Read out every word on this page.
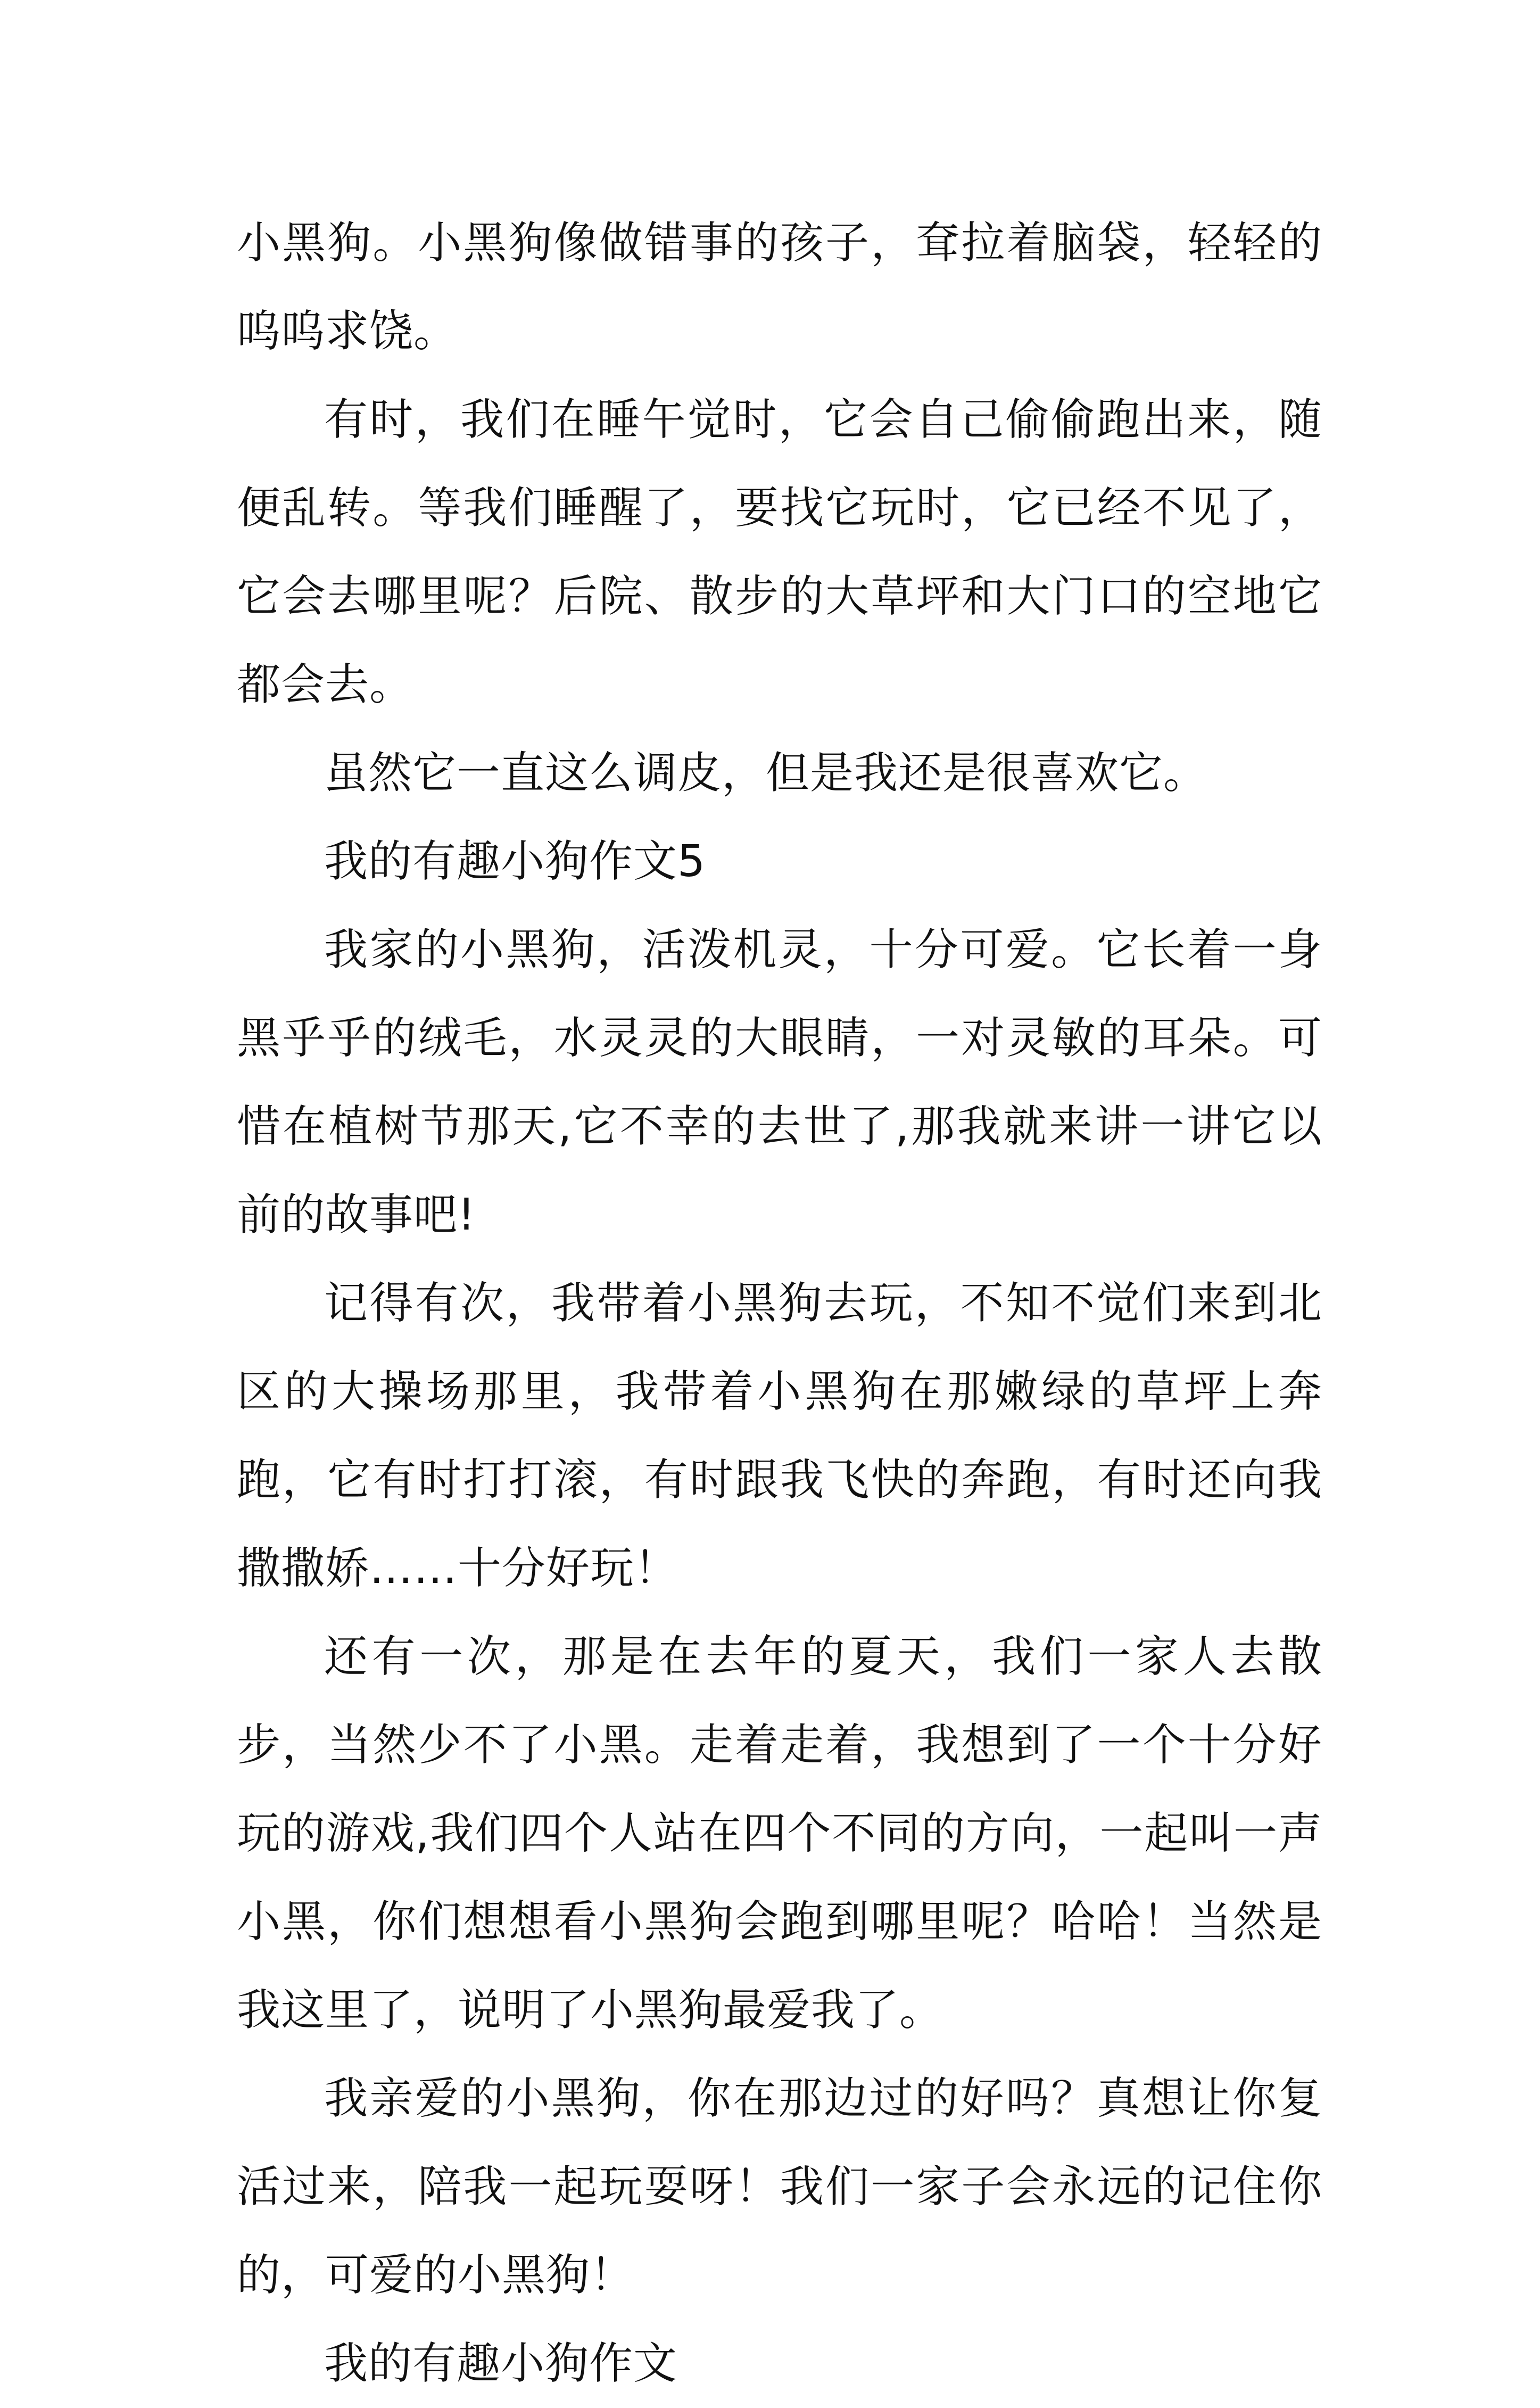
小黑狗。小黑狗像做错事的孩子，耷拉着脑袋，轻轻的呜呜求饶。

有时，我们在睡午觉时，它会自己偷偷跑出来，随便乱转。等我们睡醒了，要找它玩时，它已经不见了，它会去哪里呢？后院、散步的大草坪和大门口的空地它都会去。

虽然它一直这么调皮，但是我还是很喜欢它。

我的有趣小狗作文5

我家的小黑狗，活泼机灵，十分可爱。它长着一身黑乎乎的绒毛，水灵灵的大眼睛，一对灵敏的耳朵。可惜在植树节那天,它不幸的去世了,那我就来讲一讲它以前的故事吧!

记得有次，我带着小黑狗去玩，不知不觉们来到北区的大操场那里，我带着小黑狗在那嫩绿的草坪上奔跑，它有时打打滚，有时跟我飞快的奔跑，有时还向我撒撒娇……十分好玩！

还有一次，那是在去年的夏天，我们一家人去散步，当然少不了小黑。走着走着，我想到了一个十分好玩的游戏,我们四个人站在四个不同的方向，一起叫一声小黑，你们想想看小黑狗会跑到哪里呢？哈哈！当然是我这里了，说明了小黑狗最爱我了。

我亲爱的小黑狗，你在那边过的好吗？真想让你复活过来，陪我一起玩耍呀！我们一家子会永远的记住你的，可爱的小黑狗！

我的有趣小狗作文
